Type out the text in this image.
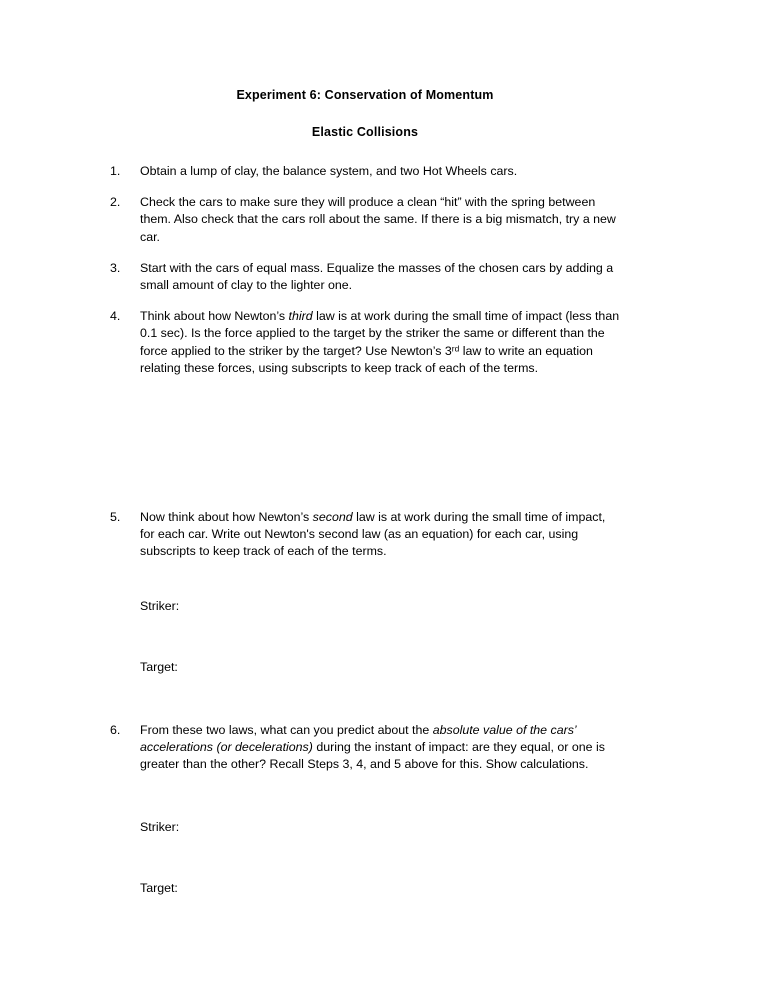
Experiment 6: Conservation of Momentum
Elastic Collisions
1.	Obtain a lump of clay, the balance system, and two Hot Wheels cars.
2.	Check the cars to make sure they will produce a clean “hit” with the spring between them. Also check that the cars roll about the same. If there is a big mismatch, try a new car.
3.	Start with the cars of equal mass. Equalize the masses of the chosen cars by adding a small amount of clay to the lighter one.
4.	Think about how Newton’s third law is at work during the small time of impact (less than 0.1 sec). Is the force applied to the target by the striker the same or different than the force applied to the striker by the target? Use Newton’s 3rd law to write an equation relating these forces, using subscripts to keep track of each of the terms.
5.	Now think about how Newton’s second law is at work during the small time of impact, for each car. Write out Newton's second law (as an equation) for each car, using subscripts to keep track of each of the terms.
Striker:
Target:
6.	From these two laws, what can you predict about the absolute value of the cars’ accelerations (or decelerations) during the instant of impact: are they equal, or one is greater than the other? Recall Steps 3, 4, and 5 above for this. Show calculations.
Striker:
Target:
